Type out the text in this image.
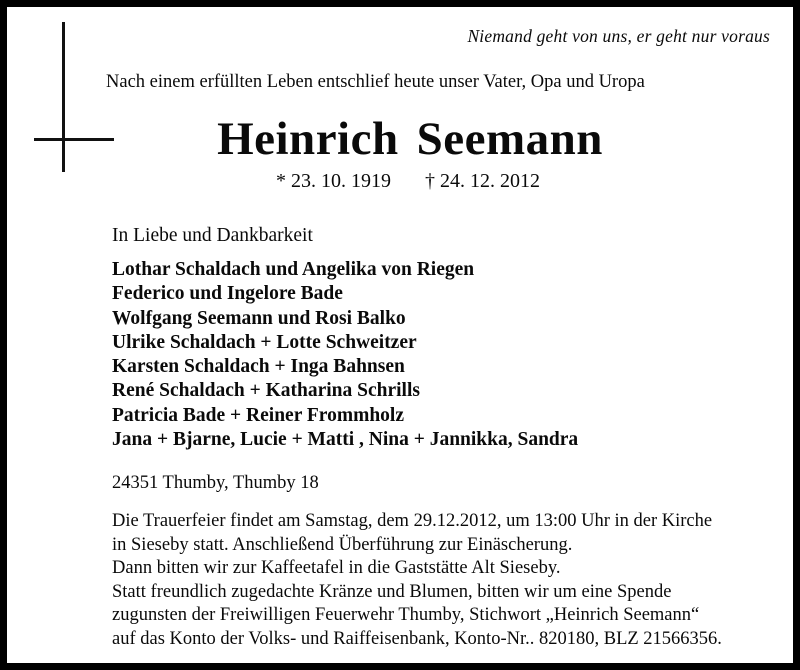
Niemand geht von uns, er geht nur voraus
Nach einem erfüllten Leben entschlief heute unser Vater, Opa und Uropa
Heinrich Seemann
* 23. 10. 1919 † 24. 12. 2012
In Liebe und Dankbarkeit
Lothar Schaldach und Angelika von Riegen
Federico und Ingelore Bade
Wolfgang Seemann und Rosi Balko
Ulrike Schaldach + Lotte Schweitzer
Karsten Schaldach + Inga Bahnsen
René Schaldach + Katharina Schrills
Patricia Bade + Reiner Frommholz
Jana + Bjarne, Lucie + Matti , Nina + Jannikka, Sandra
24351 Thumby, Thumby 18
Die Trauerfeier findet am Samstag, dem 29.12.2012, um 13:00 Uhr in der Kirche
in Sieseby statt. Anschließend Überführung zur Einäscherung.
Dann bitten wir zur Kaffeetafel in die Gaststätte Alt Sieseby.
Statt freundlich zugedachte Kränze und Blumen, bitten wir um eine Spende
zugunsten der Freiwilligen Feuerwehr Thumby, Stichwort „Heinrich Seemann“
auf das Konto der Volks- und Raiffeisenbank, Konto-Nr.. 820180, BLZ 21566356.
